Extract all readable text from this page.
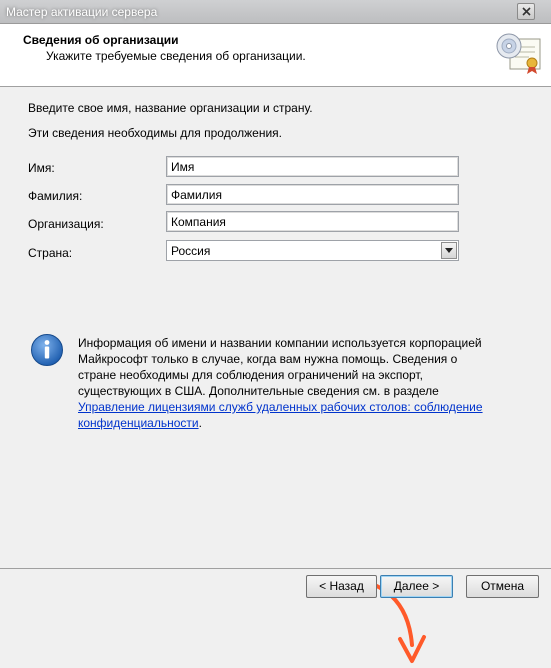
Мастер активации сервера
Сведения об организации
Укажите требуемые сведения об организации.
Введите свое имя, название организации и страну.
Эти сведения необходимы для продолжения.
Имя:
Имя
Фамилия:
Фамилия
Организация:
Компания
Страна:	Россия
Информация об имени и названии компании используется корпорацией Майкрософт только в случае, когда вам нужна помощь. Сведения о стране необходимы для соблюдения ограничений на экспорт, существующих в США. Дополнительные сведения см. в разделе Управление лицензиями служб удаленных рабочих столов: соблюдение конфиденциальности.
< Назад	Далее >	Отмена
